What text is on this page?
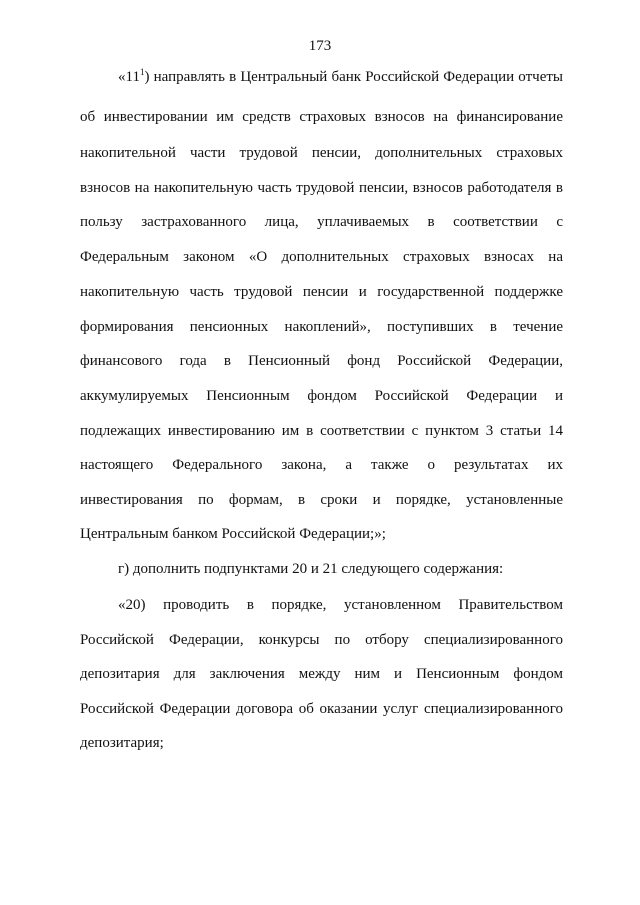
173
«$11^1$) направлять в Центральный банк Российской Федерации отчеты
об инвестировании им средств страховых взносов на финансирование
накопительной части трудовой пенсии, дополнительных страховых
взносов на накопительную часть трудовой пенсии, взносов работодателя в
пользу застрахованного лица, уплачиваемых в соответствии с
Федеральным законом «О дополнительных страховых взносах на
накопительную часть трудовой пенсии и государственной поддержке
формирования пенсионных накоплений», поступивших в течение
финансового года в Пенсионный фонд Российской Федерации,
аккумулируемых Пенсионным фондом Российской Федерации и
подлежащих инвестированию им в соответствии с пунктом 3 статьи 14
настоящего Федерального закона, а также о результатах их
инвестирования по формам, в сроки и порядке, установленные
Центральным банком Российской Федерации;»;
г) дополнить подпунктами 20 и 21 следующего содержания:
«20) проводить в порядке, установленном Правительством
Российской Федерации, конкурсы по отбору специализированного
депозитария для заключения между ним и Пенсионным фондом
Российской Федерации договора об оказании услуг специализированного
депозитария;
